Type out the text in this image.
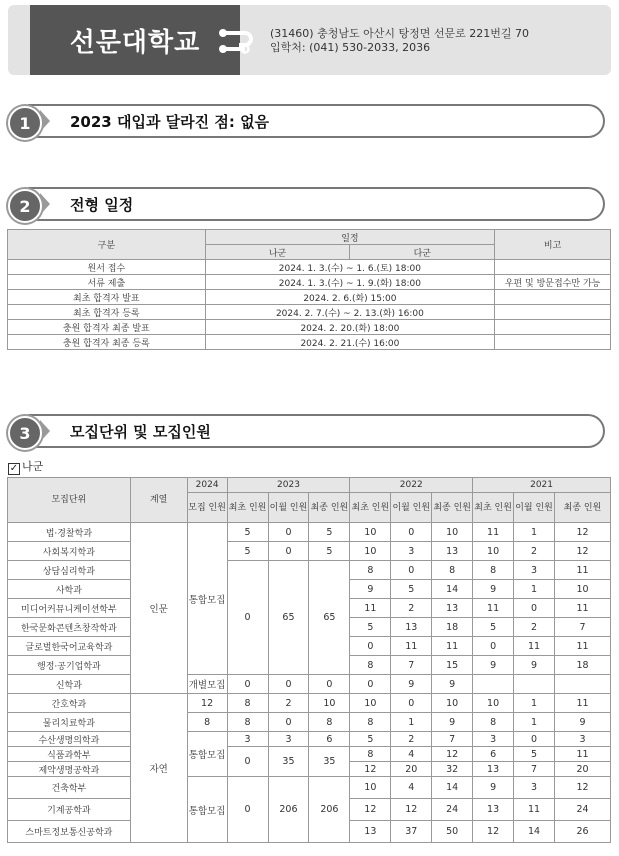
선문대학교	(31460) 충청남도 아산시 탕정면 선문로 221번길 70
입학처: (041) 530-2033, 2036
1	2023 대입과 달라진 점: 없음
2	전형 일정
구분	일정		비고
	나군	다군	
원서 접수	2024. 1. 3.(수) ~ 1. 6.(토) 18:00		
서류 제출	2024. 1. 3.(수) ~ 1. 9.(화) 18:00		우편 및 방문접수만 가능
최초 합격자 발표	2024. 2. 6.(화) 15:00		
최초 합격자 등록	2024. 2. 7.(수) ~ 2. 13.(화) 16:00		
충원 합격자 최종 발표	2024. 2. 20.(화) 18:00		
충원 합격자 최종 등록	2024. 2. 21.(수) 16:00		
3	모집단위 및 모집인원
✓ 나군
모집단위	계열	2024	2023			2022			2021		
		모집 인원	최초 인원	이월 인원	최종 인원	최초 인원	이월 인원	최종 인원	최초 인원	이월 인원	최종 인원
법·경찰학과	인문	통합모집	5	0	5	10	0	10	11	1	12
사회복지학과			5	0	5	10	3	13	10	2	12
상담심리학과			0	65	65	8	0	8	8	3	11
사학과						9	5	14	9	1	10
미디어커뮤니케이션학부						11	2	13	11	0	11
한국문화콘텐츠창작학과						5	13	18	5	2	7
글로벌한국어교육학과						0	11	11	0	11	11
행정·공기업학과						8	7	15	9	9	18
신학과		개별모집	0	0	0	0	9	9			
간호학과	자연	12	8	2	10	10	0	10	10	1	11
물리치료학과		8	8	0	8	8	1	9	8	1	9
수산생명의학과		통합모집	3	3	6	5	2	7	3	0	3
식품과학부			0	35	35	8	4	12	6	5	11
제약생명공학과						12	20	32	13	7	20
건축학부		통합모집	0	206	206	10	4	14	9	3	12
기계공학과						12	12	24	13	11	24
스마트정보통신공학과						13	37	50	12	14	26
